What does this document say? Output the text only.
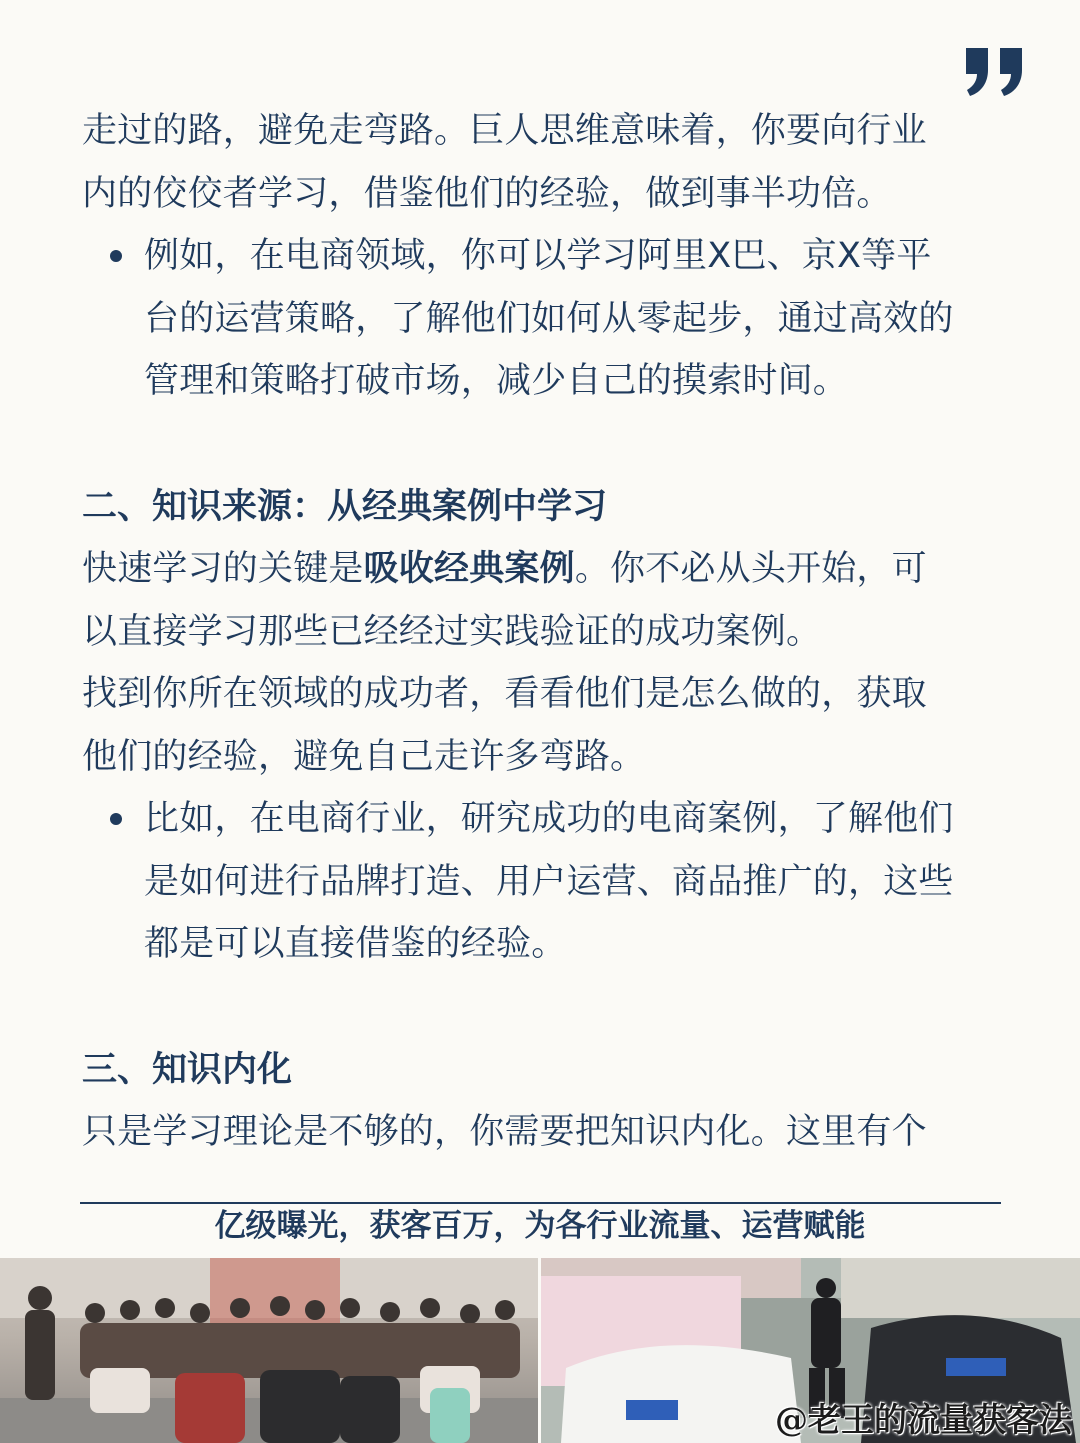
走过的路，避免走弯路。巨人思维意味着，你要向行业

内的佼佼者学习，借鉴他们的经验，做到事半功倍。

例如，在电商领域，你可以学习阿里X巴、京X等平

台的运营策略，了解他们如何从零起步，通过高效的

管理和策略打破市场，减少自己的摸索时间。

二、知识来源：从经典案例中学习

快速学习的关键是吸收经典案例。你不必从头开始，可

以直接学习那些已经经过实践验证的成功案例。

找到你所在领域的成功者，看看他们是怎么做的，获取

他们的经验，避免自己走许多弯路。

比如，在电商行业，研究成功的电商案例，了解他们

是如何进行品牌打造、用户运营、商品推广的，这些

都是可以直接借鉴的经验。

三、知识内化

只是学习理论是不够的，你需要把知识内化。这里有个

亿级曝光，获客百万，为各行业流量、运营赋能
@老王的流量获客法
